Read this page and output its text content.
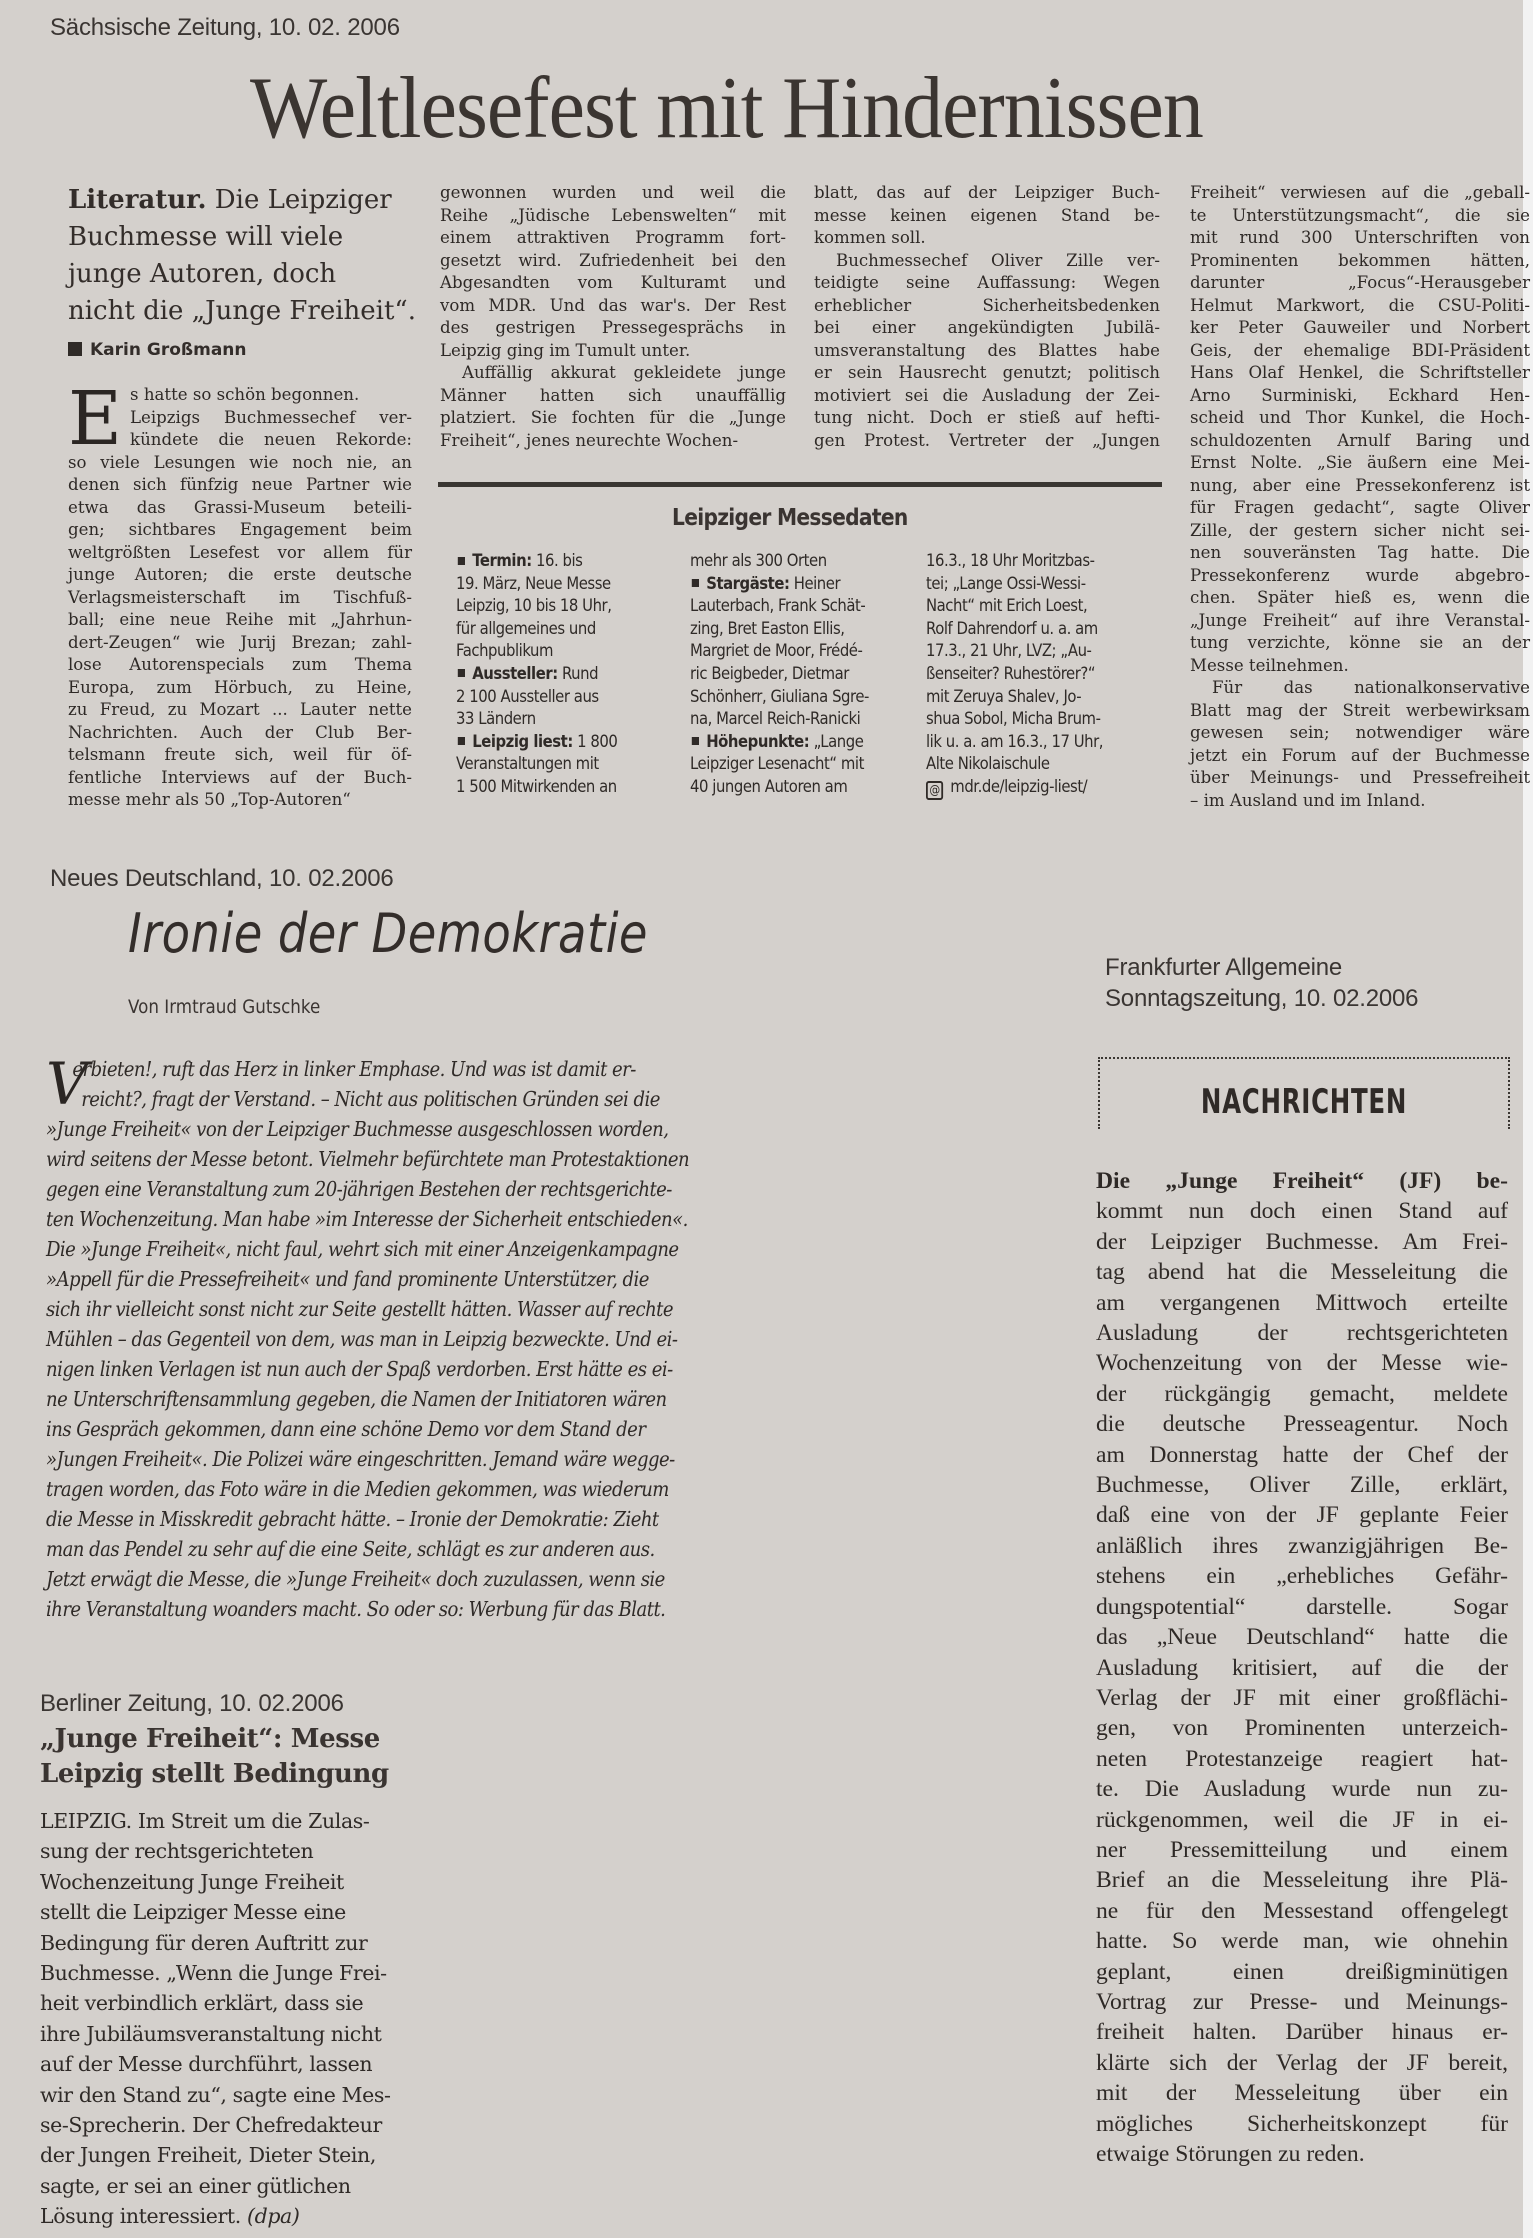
Sächsische Zeitung, 10. 02. 2006
Weltlesefest mit Hindernissen
Literatur. Die Leipziger
Buchmesse will viele
junge Autoren, doch
nicht die „Junge Freiheit“.
Karin Großmann
E s hatte so schön begonnen.
Leipzigs Buchmessechef ver-
kündete die neuen Rekorde:
so viele Lesungen wie noch nie, an
denen sich fünfzig neue Partner wie
etwa das Grassi-Museum beteili-
gen; sichtbares Engagement beim
weltgrößten Lesefest vor allem für
junge Autoren; die erste deutsche
Verlagsmeisterschaft im Tischfuß-
ball; eine neue Reihe mit „Jahrhun-
dert-Zeugen“ wie Jurij Brezan; zahl-
lose Autorenspecials zum Thema
Europa, zum Hörbuch, zu Heine,
zu Freud, zu Mozart ... Lauter nette
Nachrichten. Auch der Club Ber-
telsmann freute sich, weil für öf-
fentliche Interviews auf der Buch-
messe mehr als 50 „Top-Autoren“
gewonnen wurden und weil die
Reihe „Jüdische Lebenswelten“ mit
einem attraktiven Programm fort-
gesetzt wird. Zufriedenheit bei den
Abgesandten vom Kulturamt und
vom MDR. Und das war's. Der Rest
des gestrigen Pressegesprächs in
Leipzig ging im Tumult unter.
Auffällig akkurat gekleidete junge
Männer hatten sich unauffällig
platziert. Sie fochten für die „Junge
Freiheit“, jenes neurechte Wochen-
blatt, das auf der Leipziger Buch-
messe keinen eigenen Stand be-
kommen soll.
Buchmessechef Oliver Zille ver-
teidigte seine Auffassung: Wegen
erheblicher Sicherheitsbedenken
bei einer angekündigten Jubilä-
umsveranstaltung des Blattes habe
er sein Hausrecht genutzt; politisch
motiviert sei die Ausladung der Zei-
tung nicht. Doch er stieß auf hefti-
gen Protest. Vertreter der „Jungen
Freiheit“ verwiesen auf die „geball-
te Unterstützungsmacht“, die sie
mit rund 300 Unterschriften von
Prominenten bekommen hätten,
darunter „Focus“-Herausgeber
Helmut Markwort, die CSU-Politi-
ker Peter Gauweiler und Norbert
Geis, der ehemalige BDI-Präsident
Hans Olaf Henkel, die Schriftsteller
Arno Surminiski, Eckhard Hen-
scheid und Thor Kunkel, die Hoch-
schuldozenten Arnulf Baring und
Ernst Nolte. „Sie äußern eine Mei-
nung, aber eine Pressekonferenz ist
für Fragen gedacht“, sagte Oliver
Zille, der gestern sicher nicht sei-
nen souveränsten Tag hatte. Die
Pressekonferenz wurde abgebro-
chen. Später hieß es, wenn die
„Junge Freiheit“ auf ihre Veranstal-
tung verzichte, könne sie an der
Messe teilnehmen.
Für das nationalkonservative
Blatt mag der Streit werbewirksam
gewesen sein; notwendiger wäre
jetzt ein Forum auf der Buchmesse
über Meinungs- und Pressefreiheit
– im Ausland und im Inland.
Leipziger Messedaten
Termin: 16. bis
19. März, Neue Messe
Leipzig, 10 bis 18 Uhr,
für allgemeines und
Fachpublikum
Aussteller: Rund
2 100 Aussteller aus
33 Ländern
Leipzig liest: 1 800
Veranstaltungen mit
1 500 Mitwirkenden an
mehr als 300 Orten
Stargäste: Heiner
Lauterbach, Frank Schät-
zing, Bret Easton Ellis,
Margriet de Moor, Frédé-
ric Beigbeder, Dietmar
Schönherr, Giuliana Sgre-
na, Marcel Reich-Ranicki
Höhepunkte: „Lange
Leipziger Lesenacht“ mit
40 jungen Autoren am
16.3., 18 Uhr Moritzbas-
tei; „Lange Ossi-Wessi-
Nacht“ mit Erich Loest,
Rolf Dahrendorf u. a. am
17.3., 21 Uhr, LVZ; „Au-
ßenseiter? Ruhestörer?“
mit Zeruya Shalev, Jo-
shua Sobol, Micha Brum-
lik u. a. am 16.3., 17 Uhr,
Alte Nikolaischule
@ mdr.de/leipzig-liest/
Neues Deutschland, 10. 02.2006
Ironie der Demokratie
Von Irmtraud Gutschke
V
erbieten!, ruft das Herz in linker Emphase. Und was ist damit er-
reicht?, fragt der Verstand. – Nicht aus politischen Gründen sei die
»Junge Freiheit« von der Leipziger Buchmesse ausgeschlossen worden,
wird seitens der Messe betont. Vielmehr befürchtete man Protestaktionen
gegen eine Veranstaltung zum 20-jährigen Bestehen der rechtsgerichte-
ten Wochenzeitung. Man habe »im Interesse der Sicherheit entschieden«.
Die »Junge Freiheit«, nicht faul, wehrt sich mit einer Anzeigenkampagne
»Appell für die Pressefreiheit« und fand prominente Unterstützer, die
sich ihr vielleicht sonst nicht zur Seite gestellt hätten. Wasser auf rechte
Mühlen – das Gegenteil von dem, was man in Leipzig bezweckte. Und ei-
nigen linken Verlagen ist nun auch der Spaß verdorben. Erst hätte es ei-
ne Unterschriftensammlung gegeben, die Namen der Initiatoren wären
ins Gespräch gekommen, dann eine schöne Demo vor dem Stand der
»Jungen Freiheit«. Die Polizei wäre eingeschritten. Jemand wäre wegge-
tragen worden, das Foto wäre in die Medien gekommen, was wiederum
die Messe in Misskredit gebracht hätte. – Ironie der Demokratie: Zieht
man das Pendel zu sehr auf die eine Seite, schlägt es zur anderen aus.
Jetzt erwägt die Messe, die »Junge Freiheit« doch zuzulassen, wenn sie
ihre Veranstaltung woanders macht. So oder so: Werbung für das Blatt.
Frankfurter Allgemeine
Sonntagszeitung, 10. 02.2006
NACHRICHTEN
Die „Junge Freiheit“ (JF) be-
kommt nun doch einen Stand auf
der Leipziger Buchmesse. Am Frei-
tag abend hat die Messeleitung die
am vergangenen Mittwoch erteilte
Ausladung der rechtsgerichteten
Wochenzeitung von der Messe wie-
der rückgängig gemacht, meldete
die deutsche Presseagentur. Noch
am Donnerstag hatte der Chef der
Buchmesse, Oliver Zille, erklärt,
daß eine von der JF geplante Feier
anläßlich ihres zwanzigjährigen Be-
stehens ein „erhebliches Gefähr-
dungspotential“ darstelle. Sogar
das „Neue Deutschland“ hatte die
Ausladung kritisiert, auf die der
Verlag der JF mit einer großflächi-
gen, von Prominenten unterzeich-
neten Protestanzeige reagiert hat-
te. Die Ausladung wurde nun zu-
rückgenommen, weil die JF in ei-
ner Pressemitteilung und einem
Brief an die Messeleitung ihre Plä-
ne für den Messestand offengelegt
hatte. So werde man, wie ohnehin
geplant, einen dreißigminütigen
Vortrag zur Presse- und Meinungs-
freiheit halten. Darüber hinaus er-
klärte sich der Verlag der JF bereit,
mit der Messeleitung über ein
mögliches Sicherheitskonzept für
etwaige Störungen zu reden.
Berliner Zeitung, 10. 02.2006
„Junge Freiheit“: Messe
Leipzig stellt Bedingung
LEIPZIG. Im Streit um die Zulas-
sung der rechtsgerichteten
Wochenzeitung Junge Freiheit
stellt die Leipziger Messe eine
Bedingung für deren Auftritt zur
Buchmesse. „Wenn die Junge Frei-
heit verbindlich erklärt, dass sie
ihre Jubiläumsveranstaltung nicht
auf der Messe durchführt, lassen
wir den Stand zu“, sagte eine Mes-
se-Sprecherin. Der Chefredakteur
der Jungen Freiheit, Dieter Stein,
sagte, er sei an einer gütlichen
Lösung interessiert. (dpa)
